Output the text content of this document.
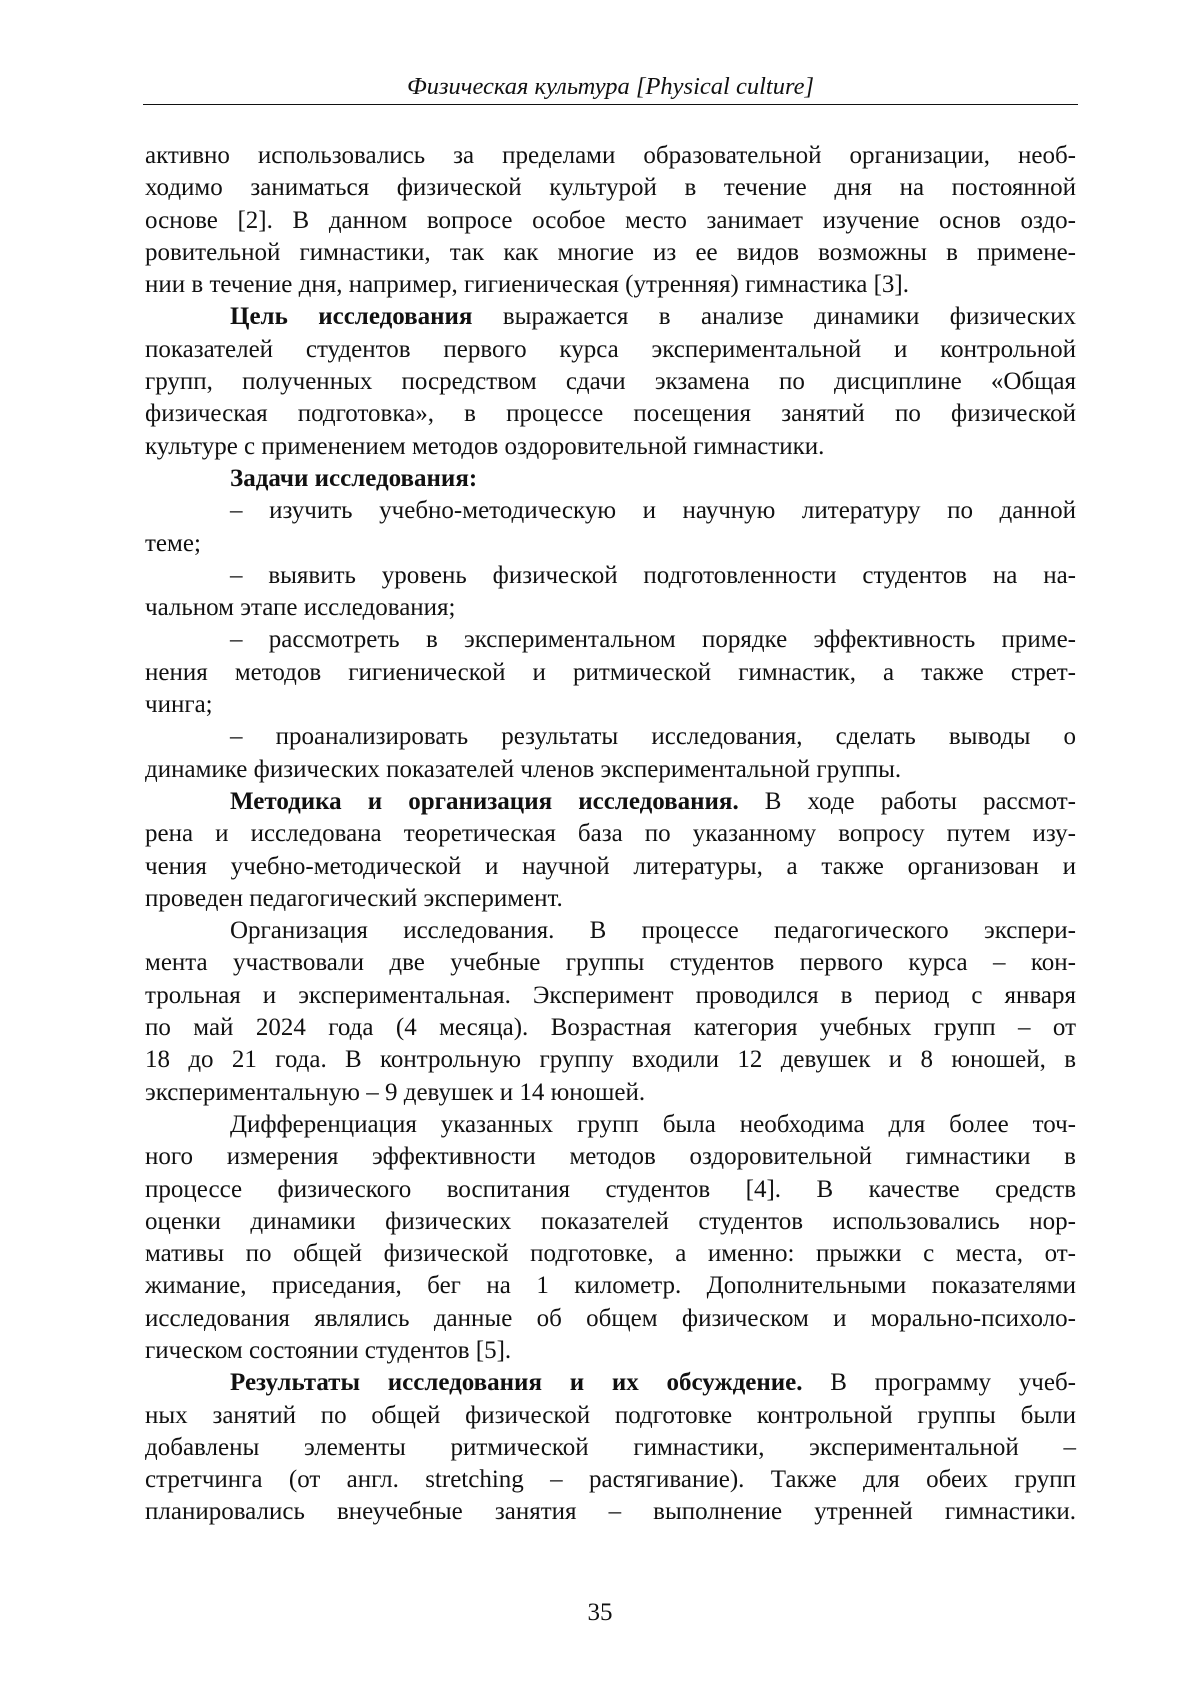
Физическая культура [Physical culture]
активно использовались за пределами образовательной организации, необ-
ходимо заниматься физической культурой в течение дня на постоянной
основе [2]. В данном вопросе особое место занимает изучение основ оздо-
ровительной гимнастики, так как многие из ее видов возможны в примене-
нии в течение дня, например, гигиеническая (утренняя) гимнастика [3].
Цель исследования выражается в анализе динамики физических
показателей студентов первого курса экспериментальной и контрольной
групп, полученных посредством сдачи экзамена по дисциплине «Общая
физическая подготовка», в процессе посещения занятий по физической
культуре с применением методов оздоровительной гимнастики.
Задачи исследования:
– изучить учебно-методическую и научную литературу по данной
теме;
– выявить уровень физической подготовленности студентов на на-
чальном этапе исследования;
– рассмотреть в экспериментальном порядке эффективность приме-
нения методов гигиенической и ритмической гимнастик, а также стрет-
чинга;
– проанализировать результаты исследования, сделать выводы о
динамике физических показателей членов экспериментальной группы.
Методика и организация исследования. В ходе работы рассмот-
рена и исследована теоретическая база по указанному вопросу путем изу-
чения учебно-методической и научной литературы, а также организован и
проведен педагогический эксперимент.
Организация исследования. В процессе педагогического экспери-
мента участвовали две учебные группы студентов первого курса – кон-
трольная и экспериментальная. Эксперимент проводился в период с января
по май 2024 года (4 месяца). Возрастная категория учебных групп – от
18 до 21 года. В контрольную группу входили 12 девушек и 8 юношей, в
экспериментальную – 9 девушек и 14 юношей.
Дифференциация указанных групп была необходима для более точ-
ного измерения эффективности методов оздоровительной гимнастики в
процессе физического воспитания студентов [4]. В качестве средств
оценки динамики физических показателей студентов использовались нор-
мативы по общей физической подготовке, а именно: прыжки с места, от-
жимание, приседания, бег на 1 километр. Дополнительными показателями
исследования являлись данные об общем физическом и морально-психоло-
гическом состоянии студентов [5].
Результаты исследования и их обсуждение. В программу учеб-
ных занятий по общей физической подготовке контрольной группы были
добавлены элементы ритмической гимнастики, экспериментальной –
стретчинга (от англ. stretching – растягивание). Также для обеих групп
планировались внеучебные занятия – выполнение утренней гимнастики.
35
